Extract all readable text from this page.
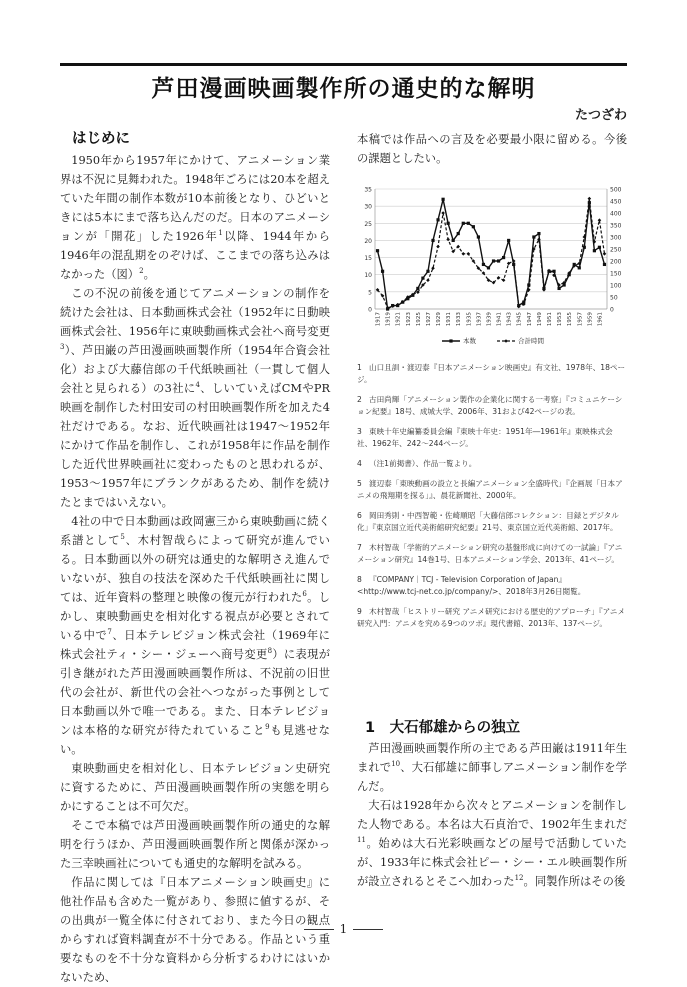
芦田漫画映画製作所の通史的な解明
たつざわ
はじめに

1950年から1957年にかけて、アニメーション業界は不況に見舞われた。1948年ごろには20本を超えていた年間の制作本数が10本前後となり、ひどいときには5本にまで落ち込んだのだ。日本のアニメーションが「開花」した1926年$^1$以降、1944年から1946年の混乱期をのぞけば、ここまでの落ち込みはなかった（図）$^2$。

この不況の前後を通じてアニメーションの制作を続けた会社は、日本動画株式会社（1952年に日動映画株式会社、1956年に東映動画株式会社へ商号変更$^3$）、芦田巌の芦田漫画映画製作所（1954年合資会社化）および大藤信郎の千代紙映画社（一貫して個人会社と見られる）の3社に$^4$、しいていえばCMやPR映画を制作した村田安司の村田映画製作所を加えた4社だけである。なお、近代映画社は1947～1952年にかけて作品を制作し、これが1958年に作品を制作した近代世界映画社に変わったものと思われるが、1953～1957年にブランクがあるため、制作を続けたとまではいえない。

4社の中で日本動画は政岡憲三から東映動画に続く系譜として$^5$、木村智哉らによって研究が進んでいる。日本動画以外の研究は通史的な解明さえ進んでいないが、独自の技法を深めた千代紙映画社に関しては、近年資料の整理と映像の復元が行われた$^6$。しかし、東映動画史を相対化する視点が必要とされている中で$^7$、日本テレビジョン株式会社（1969年に株式会社ティ・シー・ジェーへ商号変更$^8$）に表現が引き継がれた芦田漫画映画製作所は、不況前の旧世代の会社が、新世代の会社へつながった事例として日本動画以外で唯一である。また、日本テレビジョンは本格的な研究が待たれていること$^9$も見逃せない。

東映動画史を相対化し、日本テレビジョン史研究に資するために、芦田漫画映画製作所の実態を明らかにすることは不可欠だ。

そこで本稿では芦田漫画映画製作所の通史的な解明を行うほか、芦田漫画映画製作所と関係が深かった三幸映画社についても通史的な解明を試みる。

作品に関しては『日本アニメーション映画史』に他社作品も含めた一覧があり、参照に値するが、その出典が一覧全体に付されており、また今日の観点からすれば資料調査が不十分である。作品という重要なものを不十分な資料から分析するわけにはいかないため、

本稿では作品への言及を必要最小限に留める。今後の課題としたい。

0
5
10
15
20
25
30
35
0
50
100
150
200
250
300
350
400
450
500
1917 1919 1921 1923 1925 1927 1929 1931 1933 1935 1937 1939 1941 1943 1945 1947 1949 1951 1953 1955 1957 1959 1961
本数	合計時間
1 山口且訓・渡辺泰『日本アニメーション映画史』有文社、1978年、18ページ。
2 古田尚輝「アニメーション製作の企業化に関する一考察」『コミュニケーション紀要』18号、成城大学、2006年、31および42ページの表。
3 東映十年史編纂委員会編『東映十年史：1951年―1961年』東映株式会社、1962年、242～244ページ。
4 （注1前掲書）、作品一覧より。
5 渡辺泰「東映動画の設立と長編アニメーション全盛時代」『企画展「日本アニメの飛翔期を探る」』、晨花新聞社、2000年。
6 岡田秀則・中西智範・佐崎順昭「大藤信郎コレクション：目録とデジタル化」『東京国立近代美術館研究紀要』21号、東京国立近代美術館、2017年。
7 木村智哉「学術的アニメーション研究の基盤形成に向けての一試論」『アニメーション研究』14巻1号、日本アニメーション学会、2013年、41ページ。
8 『COMPANY｜TCJ - Television Corporation of Japan』<http://www.tcj-net.co.jp/company/>、2018年3月26日閲覧。
9 木村智哉「ヒストリー研究 アニメ研究における歴史的アプローチ」『アニメ研究入門：アニメを究める9つのツボ』現代書館、2013年、137ページ。
1　大石郁雄からの独立

芦田漫画映画製作所の主である芦田巌は1911年生まれで$^{10}$、大石郁雄に師事しアニメーション制作を学んだ。

大石は1928年から次々とアニメーションを制作した人物である。本名は大石貞治で、1902年生まれだ$^{11}$。始めは大石光彩映画などの屋号で活動していたが、1933年に株式会社ピー・シー・エル映画製作所が設立されるとそこへ加わった$^{12}$。同製作所はその後

1
